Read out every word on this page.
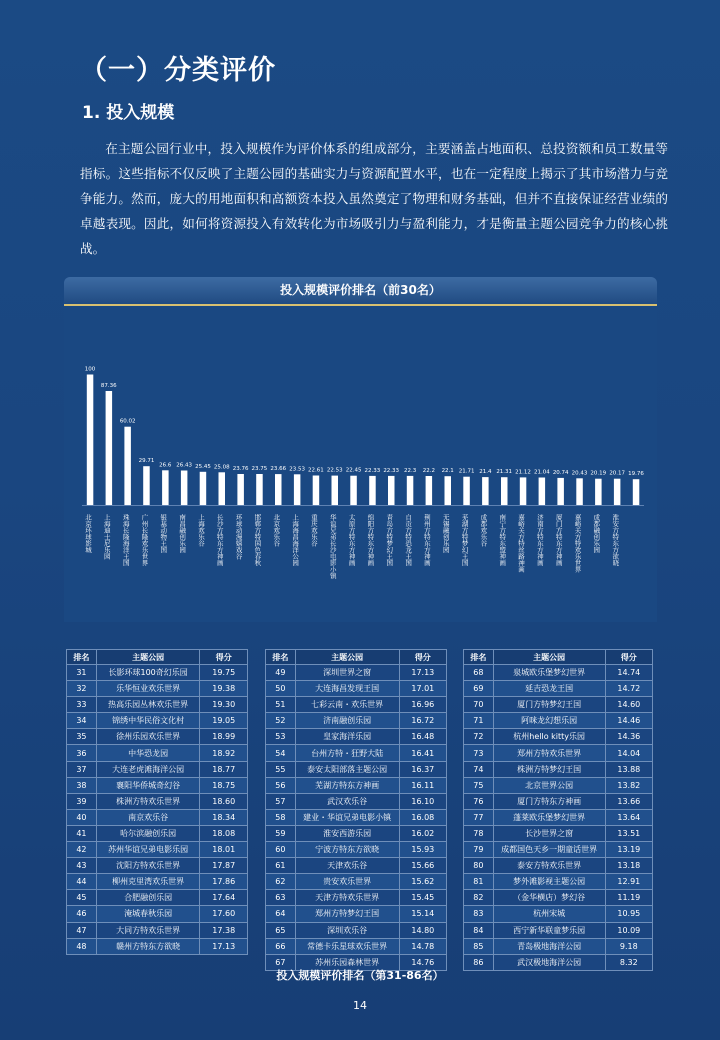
（一）分类评价
1. 投入规模
在主题公园行业中，投入规模作为评价体系的组成部分，主要涵盖占地面积、总投资额和员工数量等指标。这些指标不仅反映了主题公园的基础实力与资源配置水平，也在一定程度上揭示了其市场潜力与竞争能力。然而，庞大的用地面积和高额资本投入虽然奠定了物理和财务基础，但并不直接保证经营业绩的卓越表现。因此，如何将资源投入有效转化为市场吸引力与盈利能力，才是衡量主题公园竞争力的核心挑战。
投入规模评价排名（前30名）
100
87.36
60.02
29.71
26.6 26.43 25.45 25.08 23.76 23.75 23.66 23.53 22.61 22.53 22.45 22.33 22.33 22.3 22.2 22.1 21.71 21.4 21.31 21.12 21.04 20.74 20.43 20.19 20.17 19.76
北京环球影城 上海迪士尼乐园 珠海长隆海洋王国 广州长隆欢乐世界 银基动物王国 南昌融创乐园 上海欢乐谷 长沙方特东方神画 环球动漫嬉戏谷 邯郸方特国色春秋 北京欢乐谷 上海海昌海洋公园 重庆欢乐谷 华谊兄弟长沙电影小镇 太原方特东方神画 绵阳方特东方神画 青岛方特梦幻王国 自贡方特恐龙王国 荆州方特东方神画 无锡融创乐园 芜湖方特梦幻王国 成都欢乐谷 南宁方特东盟神画 嘉峪关方特丝路神画 济南方特东方神画 厦门方特东方神画 嘉峪关方特欢乐世界 成都融创乐园 淮安方特东方欲晓
排名	主题公园	得分
31	长影环球100奇幻乐园	19.75
32	乐华恒业欢乐世界	19.38
33	热高乐园丛林欢乐世界	19.30
34	锦绣中华民俗文化村	19.05
35	徐州乐园欢乐世界	18.99
36	中华恐龙园	18.92
37	大连老虎滩海洋公园	18.77
38	襄阳华侨城奇幻谷	18.75
39	株洲方特欢乐世界	18.60
40	南京欢乐谷	18.34
41	哈尔滨融创乐园	18.08
42	苏州华谊兄弟电影乐园	18.01
43	沈阳方特欢乐世界	17.87
44	柳州克里湾欢乐世界	17.86
45	合肥融创乐园	17.64
46	淹城春秋乐园	17.60
47	大同方特欢乐世界	17.38
48	赣州方特东方欲晓	17.13
排名	主题公园	得分
49	深圳世界之窗	17.13
50	大连海昌发现王国	17.01
51	七彩云南・欢乐世界	16.96
52	济南融创乐园	16.72
53	皇家海洋乐园	16.48
54	台州方特・狂野大陆	16.41
55	泰安太阳部落主题公园	16.37
56	芜湖方特东方神画	16.11
57	武汉欢乐谷	16.10
58	建业・华谊兄弟电影小镇	16.08
59	淮安西游乐园	16.02
60	宁波方特东方欲晓	15.93
61	天津欢乐谷	15.66
62	贵安欢乐世界	15.62
63	天津方特欢乐世界	15.45
64	郑州方特梦幻王国	15.14
65	深圳欢乐谷	14.80
66	常德卡乐星球欢乐世界	14.78
67	苏州乐园森林世界	14.76
排名	主题公园	得分
68	泉城欧乐堡梦幻世界	14.74
69	延吉恐龙王国	14.72
70	厦门方特梦幻王国	14.60
71	阿咪龙幻想乐园	14.46
72	杭州hello kitty乐园	14.36
73	郑州方特欢乐世界	14.04
74	株洲方特梦幻王国	13.88
75	北京世界公园	13.82
76	厦门方特东方神画	13.66
77	蓬莱欧乐堡梦幻世界	13.64
78	长沙世界之窗	13.51
79	成都国色天乡一期童话世界	13.19
80	泰安方特欢乐世界	13.18
81	梦外滩影视主题公园	12.91
82	（金华横店）梦幻谷	11.19
83	杭州宋城	10.95
84	西宁新华联童梦乐园	10.09
85	青岛极地海洋公园	9.18
86	武汉极地海洋公园	8.32
投入规模评价排名（第31-86名）
14
